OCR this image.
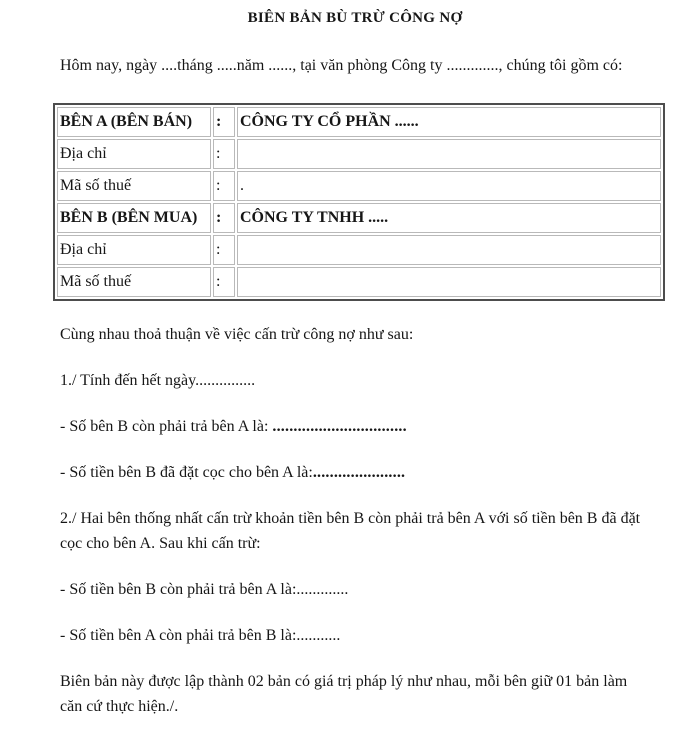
BIÊN BẢN BÙ TRỪ CÔNG NỢ

Hôm nay, ngày ....tháng .....năm ......, tại văn phòng Công ty ............., chúng tôi gồm có:

BÊN A (BÊN BÁN)	:	CÔNG TY CỔ PHẦN ......
Địa chỉ	:	
Mã số thuế	:	.
BÊN B (BÊN MUA)	:	CÔNG TY TNHH .....
Địa chỉ	:	
Mã số thuế	:	

Cùng nhau thoả thuận về việc cấn trừ công nợ như sau:

1./ Tính đến hết ngày...............

- Số bên B còn phải trả bên A là: ................................

- Số tiền bên B đã đặt cọc cho bên A là:......................

2./ Hai bên thống nhất cấn trừ khoản tiền bên B còn phải trả bên A với số tiền bên B đã đặt cọc cho bên A. Sau khi cấn trừ:

- Số tiền bên B còn phải trả bên A là:.............

- Số tiền bên A còn phải trả bên B là:...........

Biên bản này được lập thành 02 bản có giá trị pháp lý như nhau, mỗi bên giữ 01 bản làm căn cứ thực hiện./.
